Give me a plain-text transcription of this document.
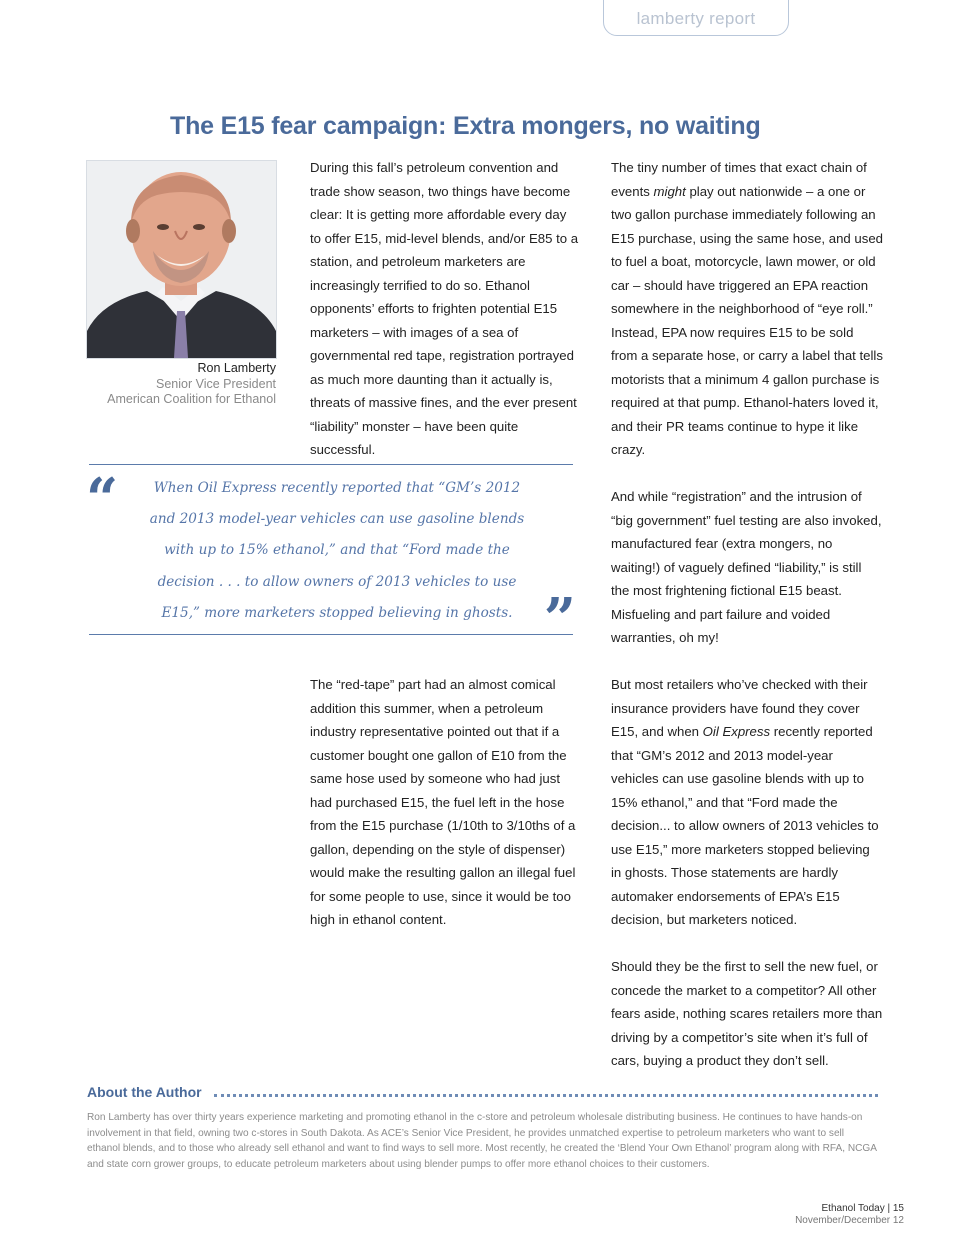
lamberty report
The E15 fear campaign: Extra mongers, no waiting
Ron Lamberty
Senior Vice President
American Coalition for Ethanol

During this fall’s petroleum convention and trade show season, two things have become clear: It is getting more affordable every day to offer E15, mid-level blends, and/or E85 to a station, and petroleum marketers are increasingly terrified to do so. Ethanol opponents’ efforts to frighten potential E15 marketers – with images of a sea of governmental red tape, registration portrayed as much more daunting than it actually is, threats of massive fines, and the ever present “liability” monster – have been quite successful.

“	When Oil Express recently reported that “GM’s 2012 and 2013 model-year vehicles can use gasoline blends with up to 15% ethanol,” and that “Ford made the decision . . . to allow owners of 2013 vehicles to use E15,” more marketers stopped believing in ghosts. ”

The “red-tape” part had an almost comical addition this summer, when a petroleum industry representative pointed out that if a customer bought one gallon of E10 from the same hose used by someone who had just had purchased E15, the fuel left in the hose from the E15 purchase (1/10th to 3/10ths of a gallon, depending on the style of dispenser) would make the resulting gallon an illegal fuel for some people to use, since it would be too high in ethanol content.

The tiny number of times that exact chain of events might play out nationwide – a one or two gallon purchase immediately following an E15 purchase, using the same hose, and used to fuel a boat, motorcycle, lawn mower, or old car – should have triggered an EPA reaction somewhere in the neighborhood of “eye roll.” Instead, EPA now requires E15 to be sold from a separate hose, or carry a label that tells motorists that a minimum 4 gallon purchase is required at that pump. Ethanol-haters loved it, and their PR teams continue to hype it like crazy.

And while “registration” and the intrusion of “big government” fuel testing are also invoked, manufactured fear (extra mongers, no waiting!) of vaguely defined “liability,” is still the most frightening fictional E15 beast. Misfueling and part failure and voided warranties, oh my!

But most retailers who’ve checked with their insurance providers have found they cover E15, and when Oil Express recently reported that “GM’s 2012 and 2013 model-year vehicles can use gasoline blends with up to 15% ethanol,” and that “Ford made the decision... to allow owners of 2013 vehicles to use E15,” more marketers stopped believing in ghosts. Those statements are hardly automaker endorsements of EPA’s E15 decision, but marketers noticed.

Should they be the first to sell the new fuel, or concede the market to a competitor? All other fears aside, nothing scares retailers more than driving by a competitor’s site when it’s full of cars, buying a product they don’t sell.

About the Author

Ron Lamberty has over thirty years experience marketing and promoting ethanol in the c-store and petroleum wholesale distributing business. He continues to have hands-on involvement in that field, owning two c-stores in South Dakota. As ACE’s Senior Vice President, he provides unmatched expertise to petroleum marketers who want to sell ethanol blends, and to those who already sell ethanol and want to find ways to sell more. Most recently, he created the ‘Blend Your Own Ethanol’ program along with RFA, NCGA and state corn grower groups, to educate petroleum marketers about using blender pumps to offer more ethanol choices to their customers.

Ethanol Today | 15
November/December 12
